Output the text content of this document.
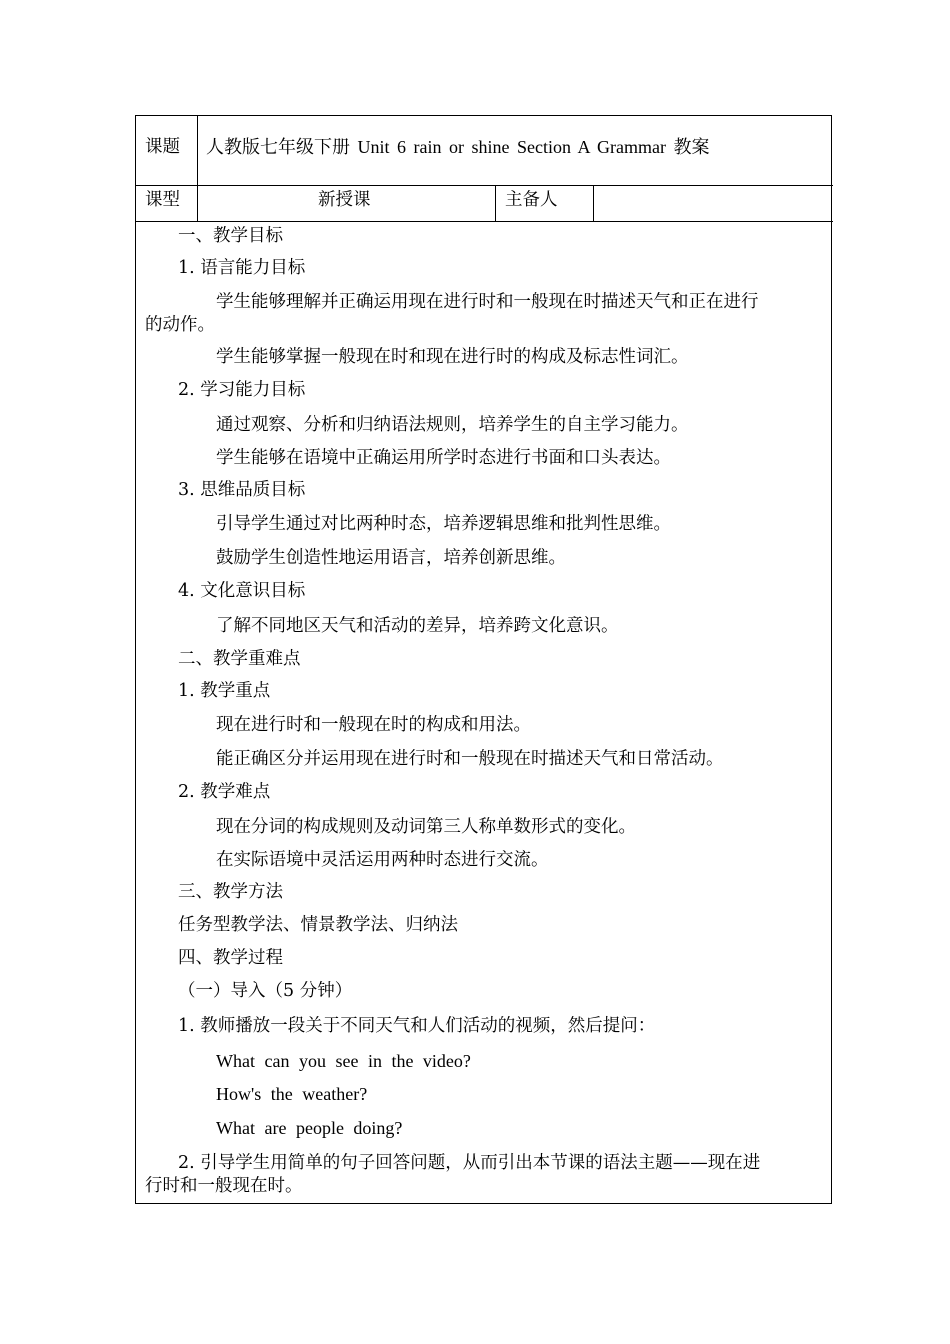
课题 人教版七年级下册 Unit 6 rain or shine Section A Grammar 教案
课型	新授课	主备人
一、教学目标
1. 语言能力目标
学生能够理解并正确运用现在进行时和一般现在时描述天气和正在进行
的动作。
学生能够掌握一般现在时和现在进行时的构成及标志性词汇。
2. 学习能力目标
通过观察、分析和归纳语法规则，培养学生的自主学习能力。
学生能够在语境中正确运用所学时态进行书面和口头表达。
3. 思维品质目标
引导学生通过对比两种时态，培养逻辑思维和批判性思维。
鼓励学生创造性地运用语言，培养创新思维。
4. 文化意识目标
了解不同地区天气和活动的差异，培养跨文化意识。
二、教学重难点
1. 教学重点
现在进行时和一般现在时的构成和用法。
能正确区分并运用现在进行时和一般现在时描述天气和日常活动。
2. 教学难点
现在分词的构成规则及动词第三人称单数形式的变化。
在实际语境中灵活运用两种时态进行交流。
三、教学方法
任务型教学法、情景教学法、归纳法
四、教学过程
（一）导入（5 分钟）
1. 教师播放一段关于不同天气和人们活动的视频，然后提问：
What can you see in the video?
How's the weather?
What are people doing?
2. 引导学生用简单的句子回答问题，从而引出本节课的语法主题——现在进
行时和一般现在时。
